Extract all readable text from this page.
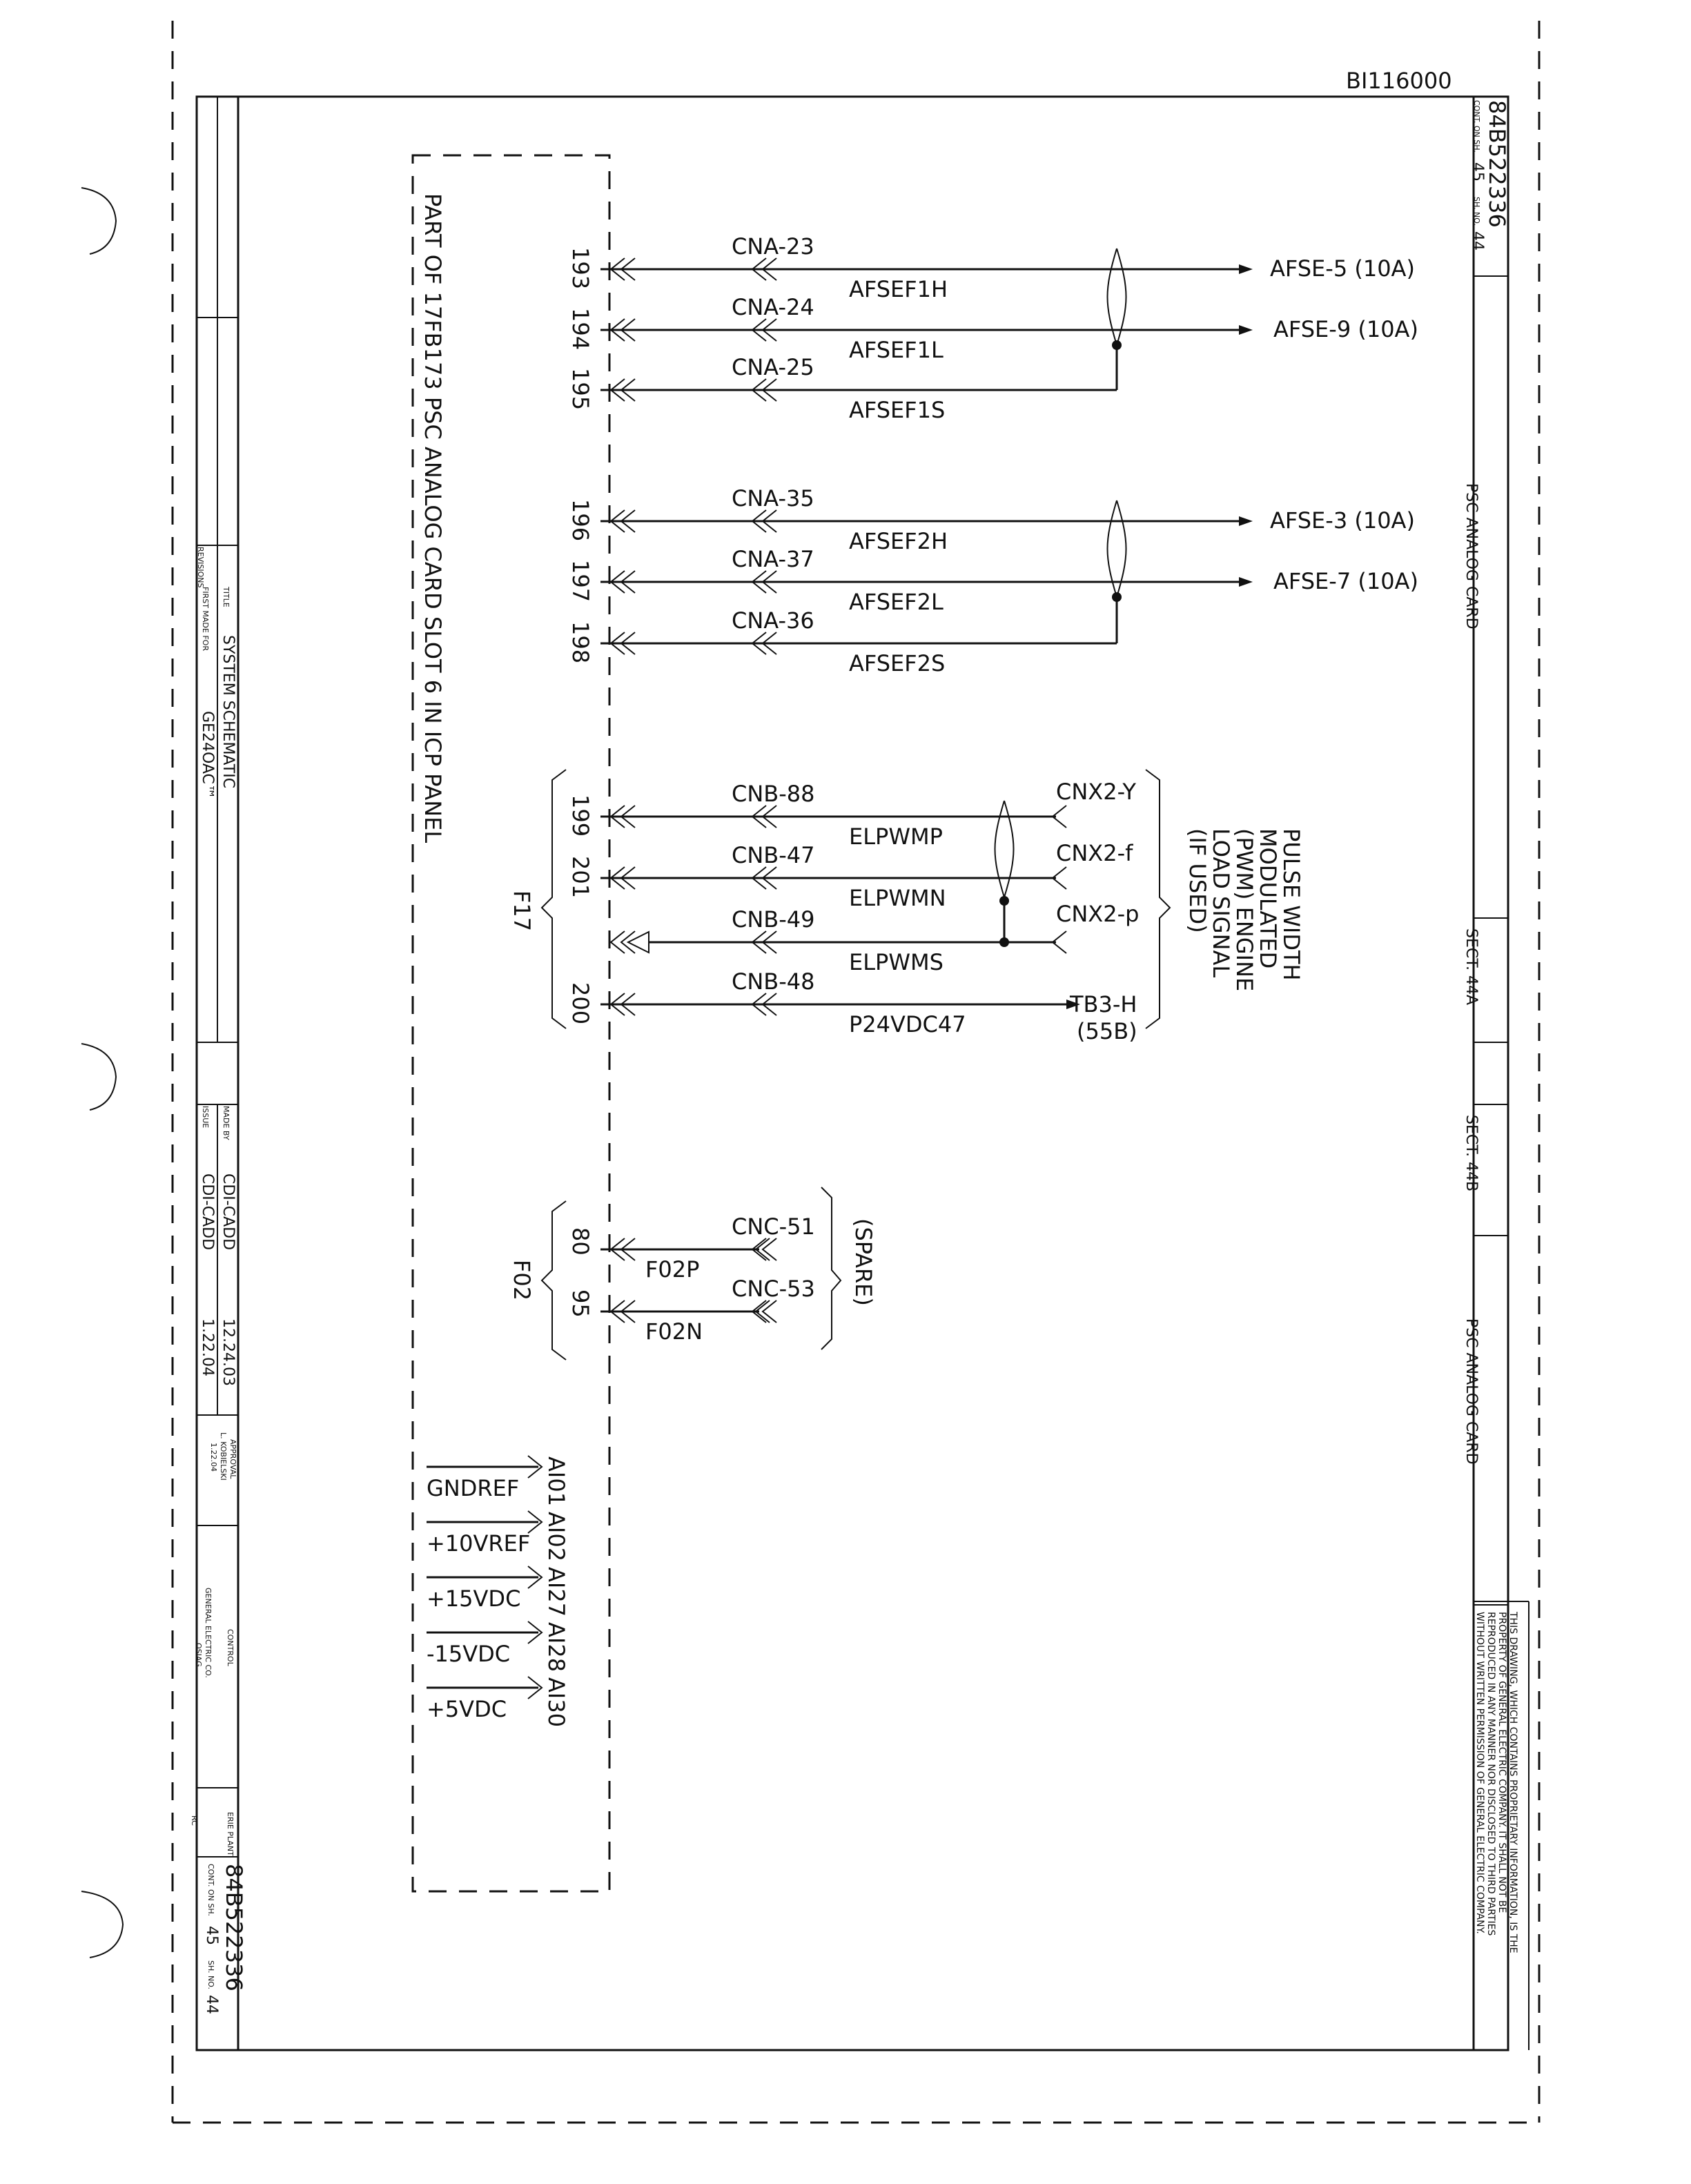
BI116000
84B522336
CONT. ON SH.
45
SH. NO.
44
PSC ANALOG CARD
SECT. 44A
SECT. 44B
PSC ANALOG CARD
THIS DRAWING, WHICH CONTAINS PROPRIETARY INFORMATION, IS THE
PROPERTY OF GENERAL ELECTRIC COMPANY. IT SHALL NOT BE
REPRODUCED IN ANY MANNER NOR DISCLOSED TO THIRD PARTIES
WITHOUT WRITTEN PERMISSION OF GENERAL ELECTRIC COMPANY.
REVISIONS
TITLE
SYSTEM SCHEMATIC
FIRST MADE FOR
GE24OAC™
MADE BY
CDI-CADD
12.24.03
ISSUE
CDI-CADD
1.22.04
APPROVAL
L. KOBIELSKI
1.22.04
CONTROL
GENERAL ELECTRIC CO.
OSIAG
ERIE PLANT
RC
84B522336
CONT. ON SH.
45
SH. NO.
44
PART OF 17FB173 PSC ANALOG CARD SLOT 6 IN ICP PANEL	193
CNA-23
AFSEF1H
AFSE-5 (10A)
194
CNA-24
AFSEF1L
AFSE-9 (10A)
195
CNA-25
AFSEF1S
196
CNA-35
AFSEF2H
AFSE-3 (10A)
197
CNA-37
AFSEF2L
AFSE-7 (10A)
198
CNA-36
AFSEF2S
199
CNB-88
ELPWMP
CNX2-Y
201
CNB-47
ELPWMN
CNX2-f
CNB-49
ELPWMS
CNX2-p
200
CNB-48
P24VDC47
TB3-H
(55B)
80
CNC-51
F02P
95
CNC-53
F02N
F17	PULSE WIDTH
MODULATED
(PWM) ENGINE
LOAD SIGNAL
(IF USED)
F02	(SPARE)
GNDREF AI01
+10VREF AI02
+15VDC AI27
-15VDC AI28
+5VDC AI30
